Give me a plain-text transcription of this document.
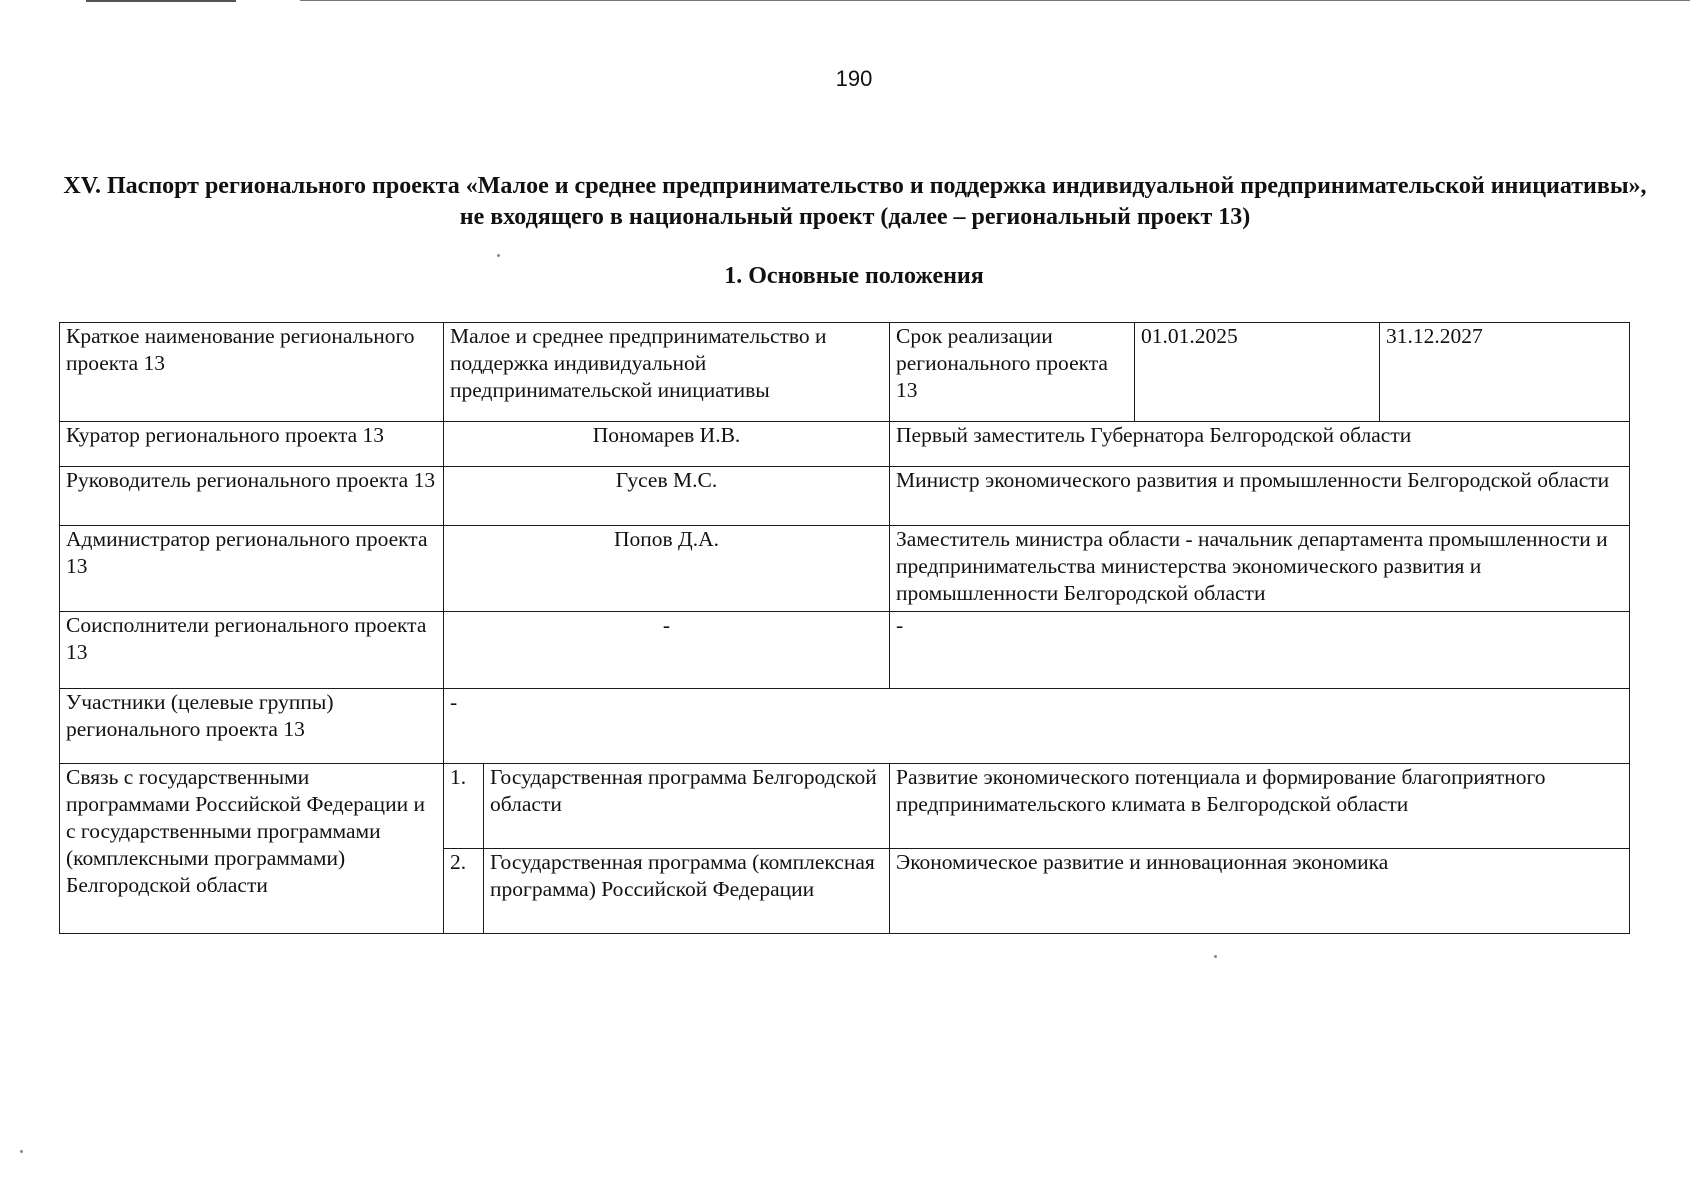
190
XV. Паспорт регионального проекта «Малое и среднее предпринимательство и поддержка индивидуальной предпринимательской инициативы», не входящего в национальный проект (далее – региональный проект 13)
1. Основные положения
Краткое наименование регионального проекта 13	Малое и среднее предпринимательство и поддержка индивидуальной предпринимательской инициативы		Срок реализации регионального проекта 13	01.01.2025	31.12.2027
Куратор регионального проекта 13	Пономарев И.В.		Первый заместитель Губернатора Белгородской области		
Руководитель регионального проекта 13	Гусев М.С.		Министр экономического развития и промышленности Белгородской области		
Администратор регионального проекта 13	Попов Д.А.		Заместитель министра области - начальник департамента промышленности и предпринимательства министерства экономического развития и промышленности Белгородской области		
Соисполнители регионального проекта 13	-		-		
Участники (целевые группы) регионального проекта 13	-				
Связь с государственными программами Российской Федерации и с государственными программами (комплексными программами) Белгородской области	1.	Государственная программа Белгородской области	Развитие экономического потенциала и формирование благоприятного предпринимательского климата в Белгородской области		
	2.	Государственная программа (комплексная программа) Российской Федерации	Экономическое развитие и инновационная экономика		
